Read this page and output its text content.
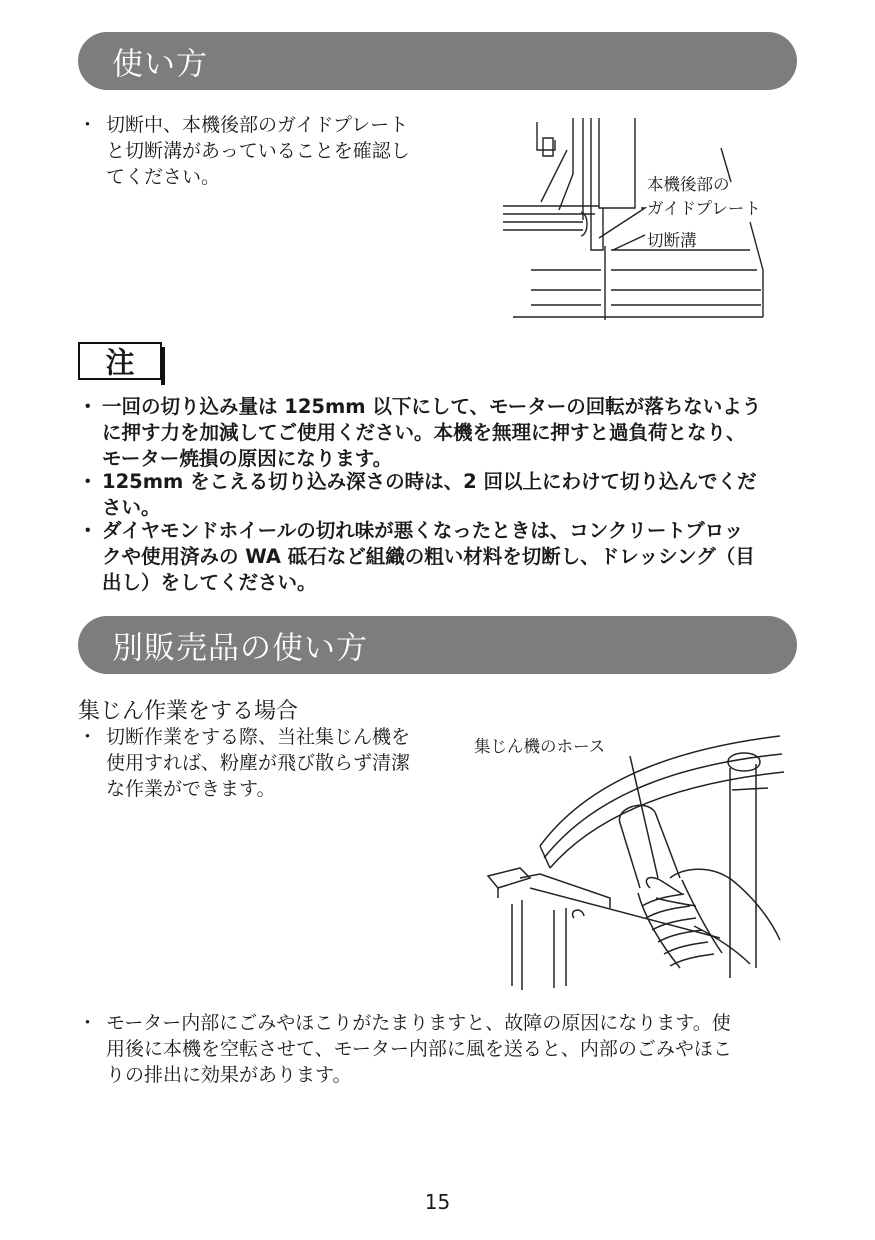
使い方
・ 切断中、本機後部のガイドプレート
と切断溝があっていることを確認し
てください。	本機後部の
ガイドプレート
切断溝
注
・ 一回の切り込み量は 125mm 以下にして、モーターの回転が落ちないよう
に押す力を加減してご使用ください。本機を無理に押すと過負荷となり、
モーター焼損の原因になります。
・ 125mm をこえる切り込み深さの時は、2 回以上にわけて切り込んでくだ
さい。
・ ダイヤモンドホイールの切れ味が悪くなったときは、コンクリートブロッ
クや使用済みの WA 砥石など組織の粗い材料を切断し、ドレッシング（目
出し）をしてください。
別販売品の使い方
集じん作業をする場合
・ 切断作業をする際、当社集じん機を
使用すれば、粉塵が飛び散らず清潔
な作業ができます。
集じん機のホース
・ モーター内部にごみやほこりがたまりますと、故障の原因になります。使
用後に本機を空転させて、モーター内部に風を送ると、内部のごみやほこ
りの排出に効果があります。
15
